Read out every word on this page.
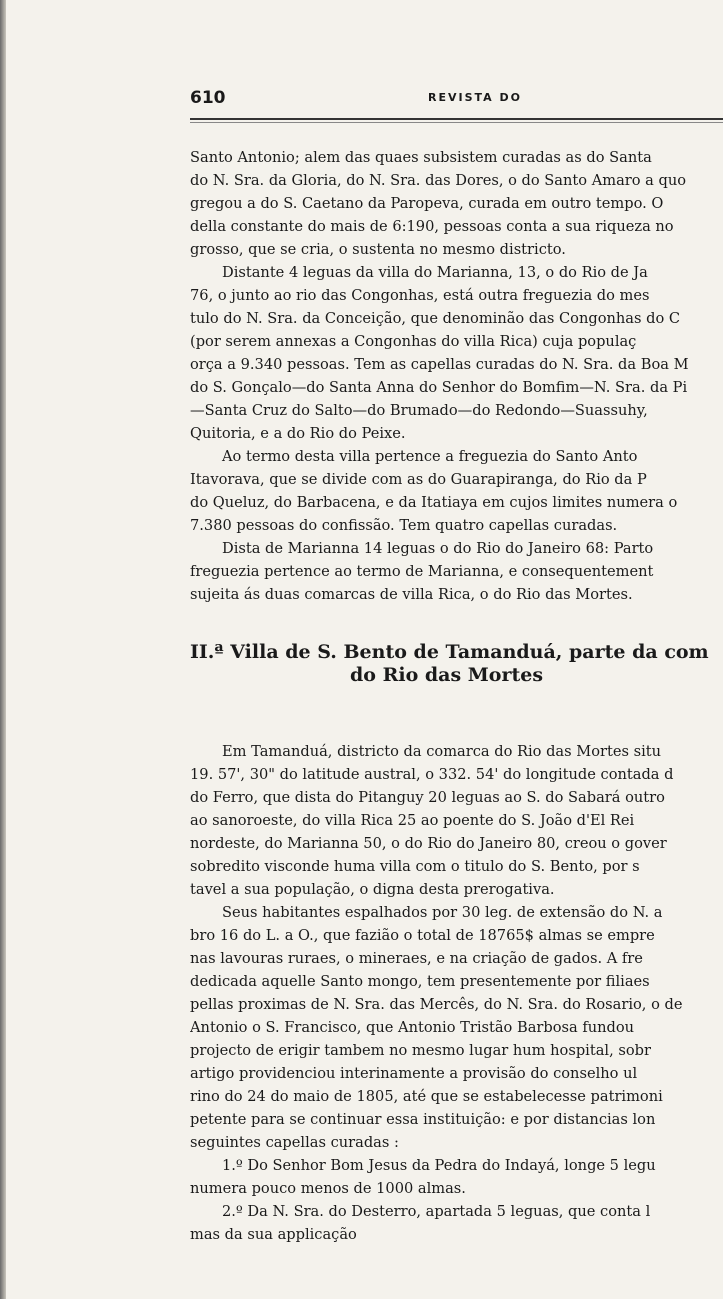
610	REVISTA DO
Santo Antonio; alem das quaes subsistem curadas as do Santa
do N. Sra. da Gloria, do N. Sra. das Dores, o do Santo Amaro a quo
gregou a do S. Caetano da Paropeva, curada em outro tempo. O
della constante do mais de 6:190, pessoas conta a sua riqueza no
grosso, que se cria, o sustenta no mesmo districto.
Distante 4 leguas da villa do Marianna, 13, o do Rio de Ja
76, o junto ao rio das Congonhas, está outra freguezia do mes
tulo do N. Sra. da Conceição, que denominão das Congonhas do C
(por serem annexas a Congonhas do villa Rica) cuja populaç
orça a 9.340 pessoas. Tem as capellas curadas do N. Sra. da Boa M
do S. Gonçalo—do Santa Anna do Senhor do Bomfim—N. Sra. da Pi
—Santa Cruz do Salto—do Brumado—do Redondo—Suassuhy,
Quitoria, e a do Rio do Peixe.
Ao termo desta villa pertence a freguezia do Santo Anto
Itavorava, que se divide com as do Guarapiranga, do Rio da P
do Queluz, do Barbacena, e da Itatiaya em cujos limites numera o
7.380 pessoas do confissão. Tem quatro capellas curadas.
Dista de Marianna 14 leguas o do Rio do Janeiro 68: Parto
freguezia pertence ao termo de Marianna, e consequentement
sujeita ás duas comarcas de villa Rica, o do Rio das Mortes.
II.ª Villa de S. Bento de Tamanduá, parte da com
do Rio das Mortes
Em Tamanduá, districto da comarca do Rio das Mortes situ
19. 57', 30" do latitude austral, o 332. 54' do longitude contada d
do Ferro, que dista do Pitanguy 20 leguas ao S. do Sabará outro
ao sanoroeste, do villa Rica 25 ao poente do S. João d'El Rei
nordeste, do Marianna 50, o do Rio do Janeiro 80, creou o gover
sobredito visconde huma villa com o titulo do S. Bento, por s
tavel a sua população, o digna desta prerogativa.
Seus habitantes espalhados por 30 leg. de extensão do N. a
bro 16 do L. a O., que fazião o total de 18765$ almas se empre
nas lavouras ruraes, o mineraes, e na criação de gados. A fre
dedicada aquelle Santo mongo, tem presentemente por filiaes
pellas proximas de N. Sra. das Mercês, do N. Sra. do Rosario, o de
Antonio o S. Francisco, que Antonio Tristão Barbosa fundou
projecto de erigir tambem no mesmo lugar hum hospital, sobr
artigo providenciou interinamente a provisão do conselho ul
rino do 24 do maio de 1805, até que se estabelecesse patrimoni
petente para se continuar essa instituição: e por distancias lon
seguintes capellas curadas :
1.º Do Senhor Bom Jesus da Pedra do Indayá, longe 5 legu
numera pouco menos de 1000 almas.
2.º Da N. Sra. do Desterro, apartada 5 leguas, que conta l
mas da sua applicação
